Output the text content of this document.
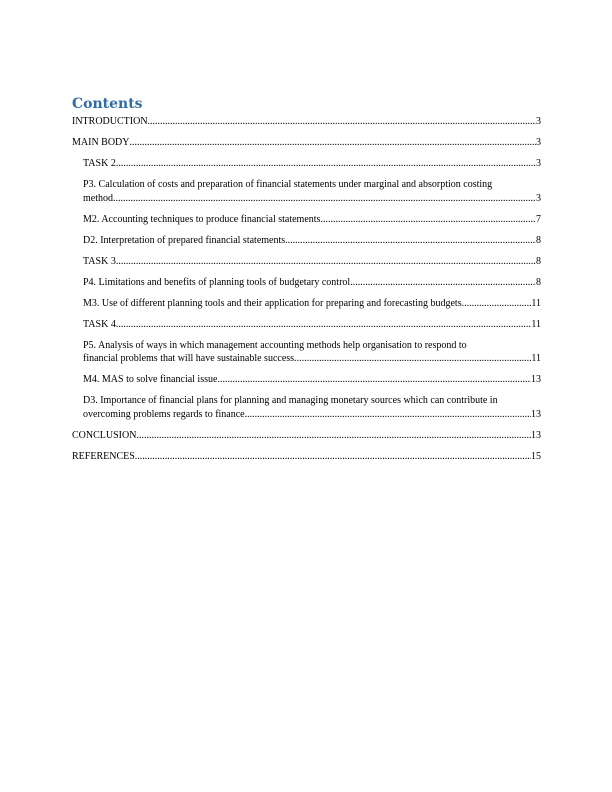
Contents
INTRODUCTION .....	3
MAIN BODY .....	3
TASK 2 .....	3
P3. Calculation of costs and preparation of financial statements under marginal and absorption costing
method .....	3
M2. Accounting techniques to produce financial statements .....	7
D2. Interpretation of prepared financial statements .....	8
TASK 3 .....	8
P4. Limitations and benefits of planning tools of budgetary control .....	8
M3. Use of different planning tools and their application for preparing and forecasting budgets. .....	11
TASK 4 .....	11
P5. Analysis of ways in which management accounting methods help organisation to respond to
financial problems that will have sustainable success. .....	11
M4. MAS to solve financial issue .....	13
D3. Importance of financial plans for planning and managing monetary sources which can contribute in
overcoming problems regards to finance. .....	13
CONCLUSION .....	13
REFERENCES .....	15
